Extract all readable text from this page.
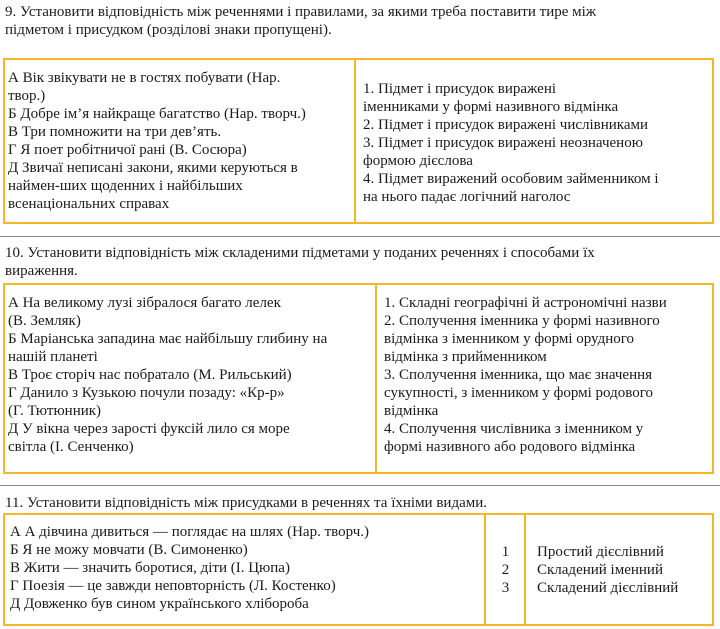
9. Установити відповідність між реченнями і правилами, за якими треба поставити тире між
підметом і присудком (розділові знаки пропущені).
А Вік звікувати не в гостях побувати (Нар.
твор.)
Б Добре ім’я найкраще багатство (Нар. творч.)
В Три помножити на три дев’ять.
Г Я поет робітничої рані (В. Сосюра)
Д Звичаї неписані закони, якими керуються в
наймен-ших щоденних і найбільших
всенаціональних справах
1. Підмет і присудок виражені
іменниками у формі називного відмінка
2. Підмет і присудок виражені числівниками
3. Підмет і присудок виражені неозначеною
формою дієслова
4. Підмет виражений особовим займенником і
на нього падає логічний наголос
10. Установити відповідність між складеними підметами у поданих реченнях і способами їх
вираження.
А На великому лузі зібралося багато лелек
(В. Земляк)
Б Маріанська западина має найбільшу глибину на
нашій планеті
В Троє сторіч нас побратало (М. Рильський)
Г Данило з Кузькою почули позаду: «Кр-р»
(Г. Тютюнник)
Д У вікна через зарості фуксій лило ся море
світла (І. Сенченко)
1. Складні географічні й астрономічні назви
2. Сполучення іменника у формі називного
відмінка з іменником у формі орудного
відмінка з прийменником
3. Сполучення іменника, що має значення
сукупності, з іменником у формі родового
відмінка
4. Сполучення числівника з іменником у
формі називного або родового відмінка
11. Установити відповідність між присудками в реченнях та їхніми видами.
А А дівчина дивиться — поглядає на шлях (Нар. творч.)
Б Я не можу мовчати (В. Симоненко)
В Жити — значить боротися, діти (І. Цюпа)
Г Поезія — це завжди неповторність (Л. Костенко)
Д Довженко був сином українського хлібороба
1
2
3
Простий дієслівний
Складений іменний
Складений дієслівний
